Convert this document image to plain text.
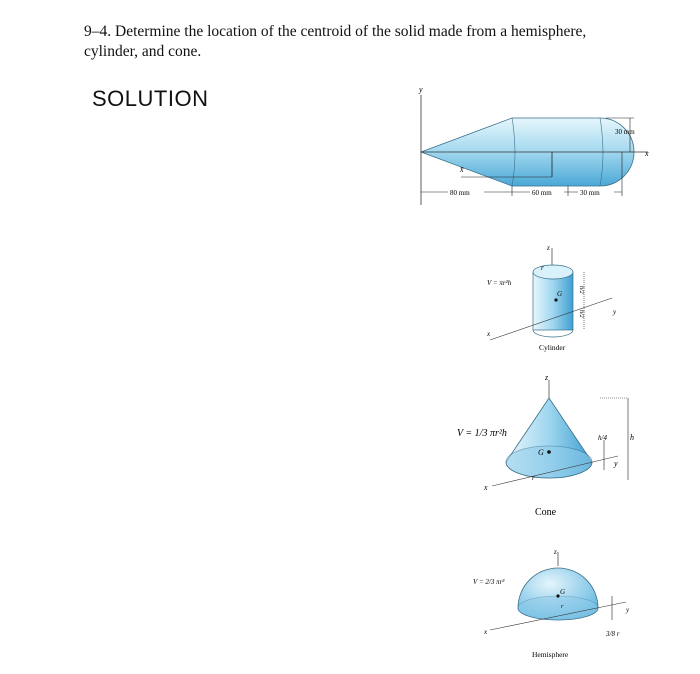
9–4. Determine the location of the centroid of the solid made from a hemisphere, cylinder, and cone.
SOLUTION	y
x
x̄
80 mm	60 mm	30 mm
30 mm
z
x
y
G
r
h/2
h/2
V = πr²h
Cylinder
z
x
y
G
r
h/4	h
V = 1/3 πr²h
Cone
z
x
y
G
r
3/8 r
V = 2/3 πr³
Hemisphere
